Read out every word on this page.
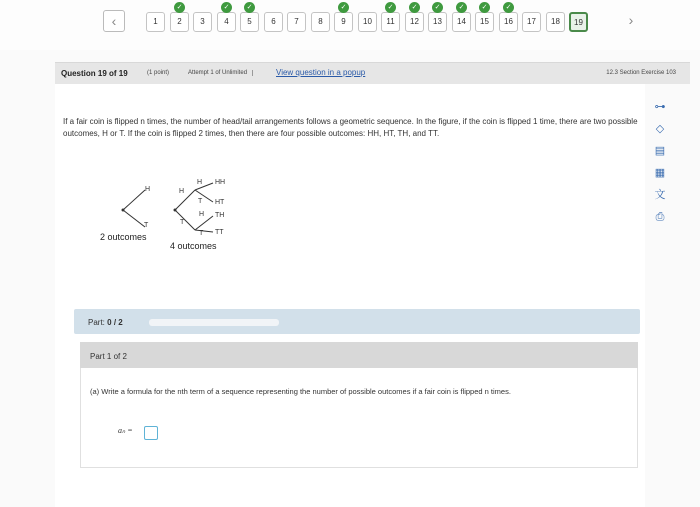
‹	1	2
✓
3	4
✓
5
✓
6	7	8	9
✓
10	11
✓
12
✓
13
✓
14
✓
15
✓
16
✓
17	18	19	›
Question 19 of 19	(1 point)	Attempt 1 of Unlimited	View question in a popup	12.3 Section Exercise 103
If a fair coin is flipped n times, the number of head/tail arrangements follows a geometric sequence. In the figure, if the coin is flipped 1 time, there are two possible outcomes, H or T. If the coin is flipped 2 times, then there are four possible outcomes: HH, HT, TH, and TT.
H
T
2 outcomes
H
H
T
H
T
T
HH
HT
TH
TT
4 outcomes
⊶
◇
▤
▦
文
⎙
Part: 0 / 2
Part 1 of 2
(a) Write a formula for the nth term of a sequence representing the number of possible outcomes if a fair coin is flipped n times.
aₙ =
